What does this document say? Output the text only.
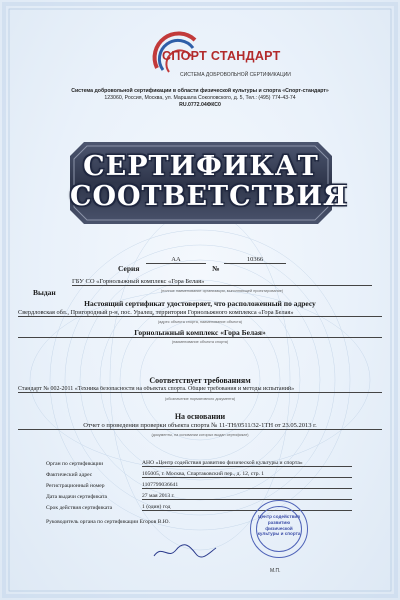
СПОРТ СТАНДАРТ
СИСТЕМА ДОБРОВОЛЬНОЙ СЕРТИФИКАЦИИ
Система добровольной сертификации в области физической культуры и спорта «Спорт-стандарт»
123060, Россия, Москва, ул. Маршала Соколовского, д. 5, Тел.: (495) 774-43-74
RU.0772.04ФКС0
СЕРТИФИКАТ
СООТВЕТСТВИЯ
Серия
АА
№
10366
Выдан
ГБУ СО «Горнолыжный комплекс «Гора Белая»
(полное наименование организации, выполняющей проектирование)
Настоящий сертификат удостоверяет, что расположенный по адресу
Свердловская обл., Пригородный р-н, пос. Уралец, территория Горнолыжного комплекса «Гора Белая»
(адрес объекта спорта, наименование объекта)
Горнолыжный комплекс «Гора Белая»
(наименование объекта спорта)
Соответствует требованиям
Стандарт № 002-2011 «Техника безопасности на объектах спорта. Общие требования и методы испытаний»
(обозначение нормативного документа)
На основании
Отчет о проведении проверки объекта спорта № 11-ТН/0511/32-1ТН от 23.05.2013 г.
(документы, на основании которых выдан сертификат)
Орган по сертификации	АНО «Центр содействия развитию физической культуры и спорта»
Фактический адрес	105005, г. Москва, Спартаковский пер., д. 12, стр. 1
Регистрационный номер	1107799036641
Дата выдачи сертификата	27 мая 2013 г.
Срок действия сертификата	1 (один) год
Руководитель органа по сертификации Егоров В.Ю.
М.П.
Центр содействия развитию физической культуры и спорта
